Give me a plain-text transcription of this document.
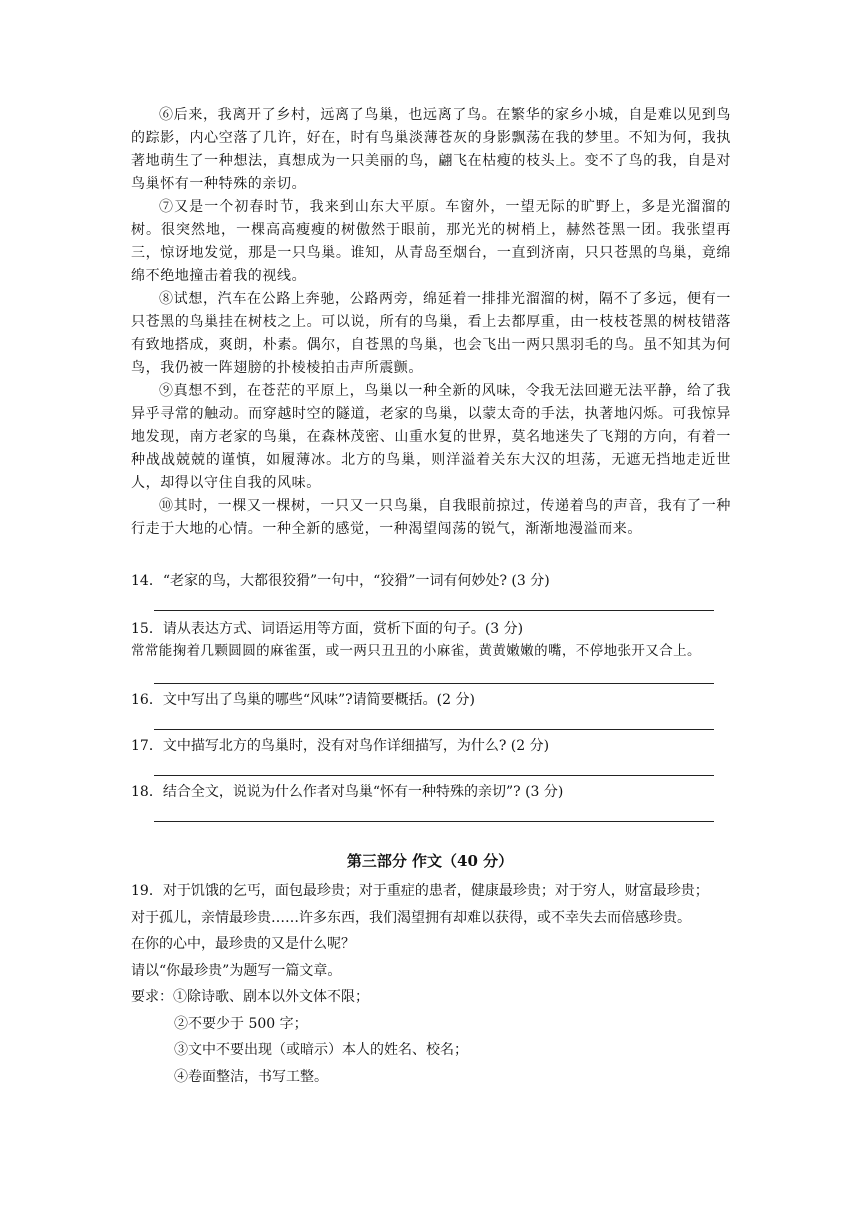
⑥后来，我离开了乡村，远离了鸟巢，也远离了鸟。在繁华的家乡小城，自是难以见到鸟的踪影，内心空落了几许，好在，时有鸟巢淡薄苍灰的身影飘荡在我的梦里。不知为何，我执著地萌生了一种想法，真想成为一只美丽的鸟，翩飞在枯瘦的枝头上。变不了鸟的我，自是对鸟巢怀有一种特殊的亲切。

⑦又是一个初春时节，我来到山东大平原。车窗外，一望无际的旷野上，多是光溜溜的树。很突然地，一棵高高瘦瘦的树傲然于眼前，那光光的树梢上，赫然苍黑一团。我张望再三，惊讶地发觉，那是一只鸟巢。谁知，从青岛至烟台，一直到济南，只只苍黑的鸟巢，竟绵绵不绝地撞击着我的视线。

⑧试想，汽车在公路上奔驰，公路两旁，绵延着一排排光溜溜的树，隔不了多远，便有一只苍黑的鸟巢挂在树枝之上。可以说，所有的鸟巢，看上去都厚重，由一枝枝苍黑的树枝错落有致地搭成，爽朗，朴素。偶尔，自苍黑的鸟巢，也会飞出一两只黑羽毛的鸟。虽不知其为何鸟，我仍被一阵翅膀的扑棱棱拍击声所震颤。

⑨真想不到，在苍茫的平原上，鸟巢以一种全新的风味，令我无法回避无法平静，给了我异乎寻常的触动。而穿越时空的隧道，老家的鸟巢，以蒙太奇的手法，执著地闪烁。可我惊异地发现，南方老家的鸟巢，在森林茂密、山重水复的世界，莫名地迷失了飞翔的方向，有着一种战战兢兢的谨慎，如履薄冰。北方的鸟巢，则洋溢着关东大汉的坦荡，无遮无挡地走近世人，却得以守住自我的风味。

⑩其时，一棵又一棵树，一只又一只鸟巢，自我眼前掠过，传递着鸟的声音，我有了一种行走于大地的心情。一种全新的感觉，一种渴望闯荡的锐气，渐渐地漫溢而来。

14．“老家的鸟，大都很狡猾”一句中，“狡猾”一词有何妙处? (3 分)

15．请从表达方式、词语运用等方面，赏析下面的句子。(3 分)

常常能掬着几颗圆圆的麻雀蛋，或一两只丑丑的小麻雀，黄黄嫩嫩的嘴，不停地张开又合上。

16．文中写出了鸟巢的哪些“风味”?请简要概括。(2 分)

17．文中描写北方的鸟巢时，没有对鸟作详细描写，为什么? (2 分)

18．结合全文，说说为什么作者对鸟巢“怀有一种特殊的亲切”? (3 分)

第三部分 作文（40 分）

19．对于饥饿的乞丐，面包最珍贵；对于重症的患者，健康最珍贵；对于穷人，财富最珍贵；

对于孤儿，亲情最珍贵……许多东西，我们渴望拥有却难以获得，或不幸失去而倍感珍贵。

在你的心中，最珍贵的又是什么呢？

请以“你最珍贵”为题写一篇文章。

要求：①除诗歌、剧本以外文体不限；

②不要少于 500 字；

③文中不要出现（或暗示）本人的姓名、校名；

④卷面整洁，书写工整。
